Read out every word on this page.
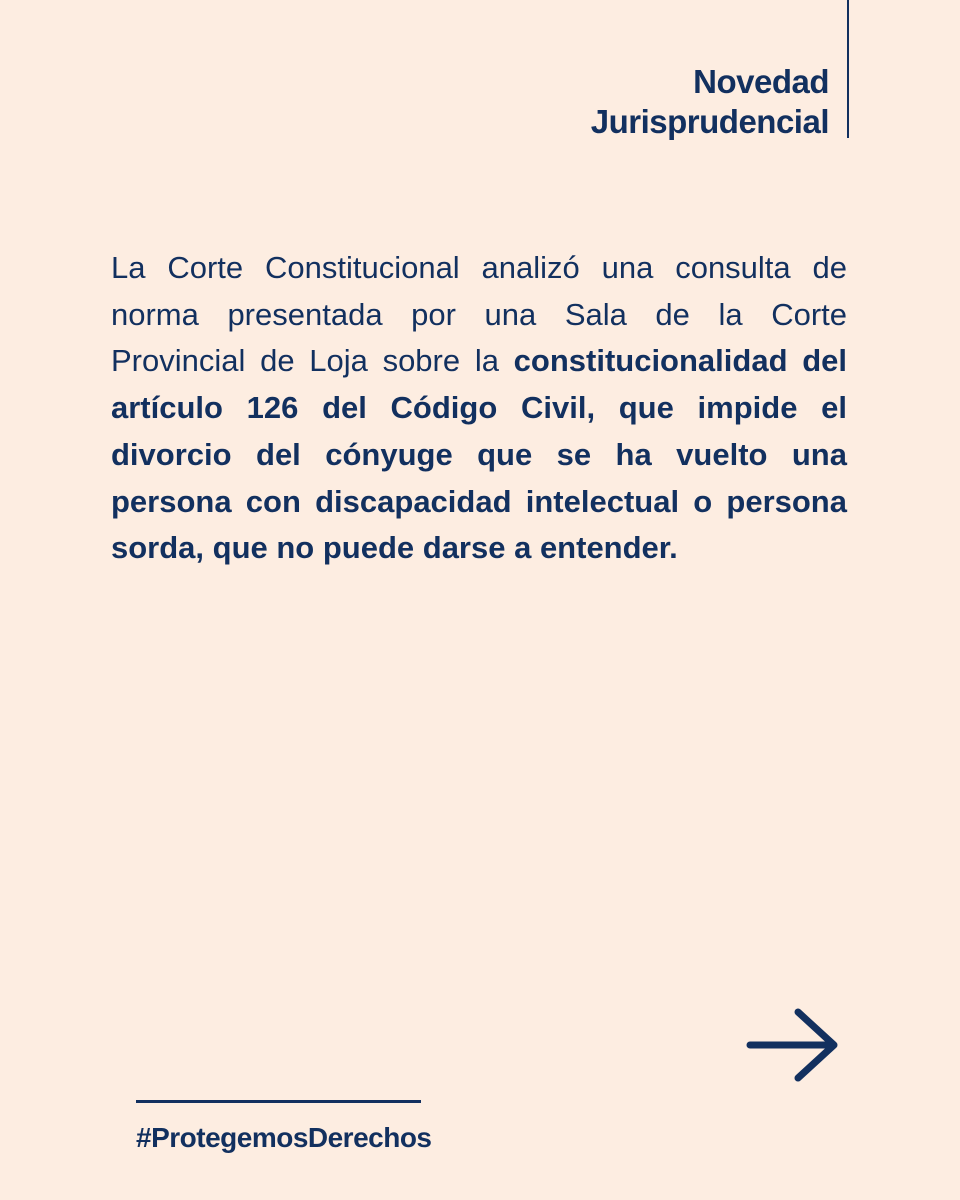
Novedad
Jurisprudencial

La Corte Constitucional analizó una consulta de norma presentada por una Sala de la Corte Provincial de Loja sobre la constitucionalidad del artículo 126 del Código Civil, que impide el divorcio del cónyuge que se ha vuelto una persona con discapacidad intelectual o persona sorda, que no puede darse a entender.

#ProtegemosDerechos
